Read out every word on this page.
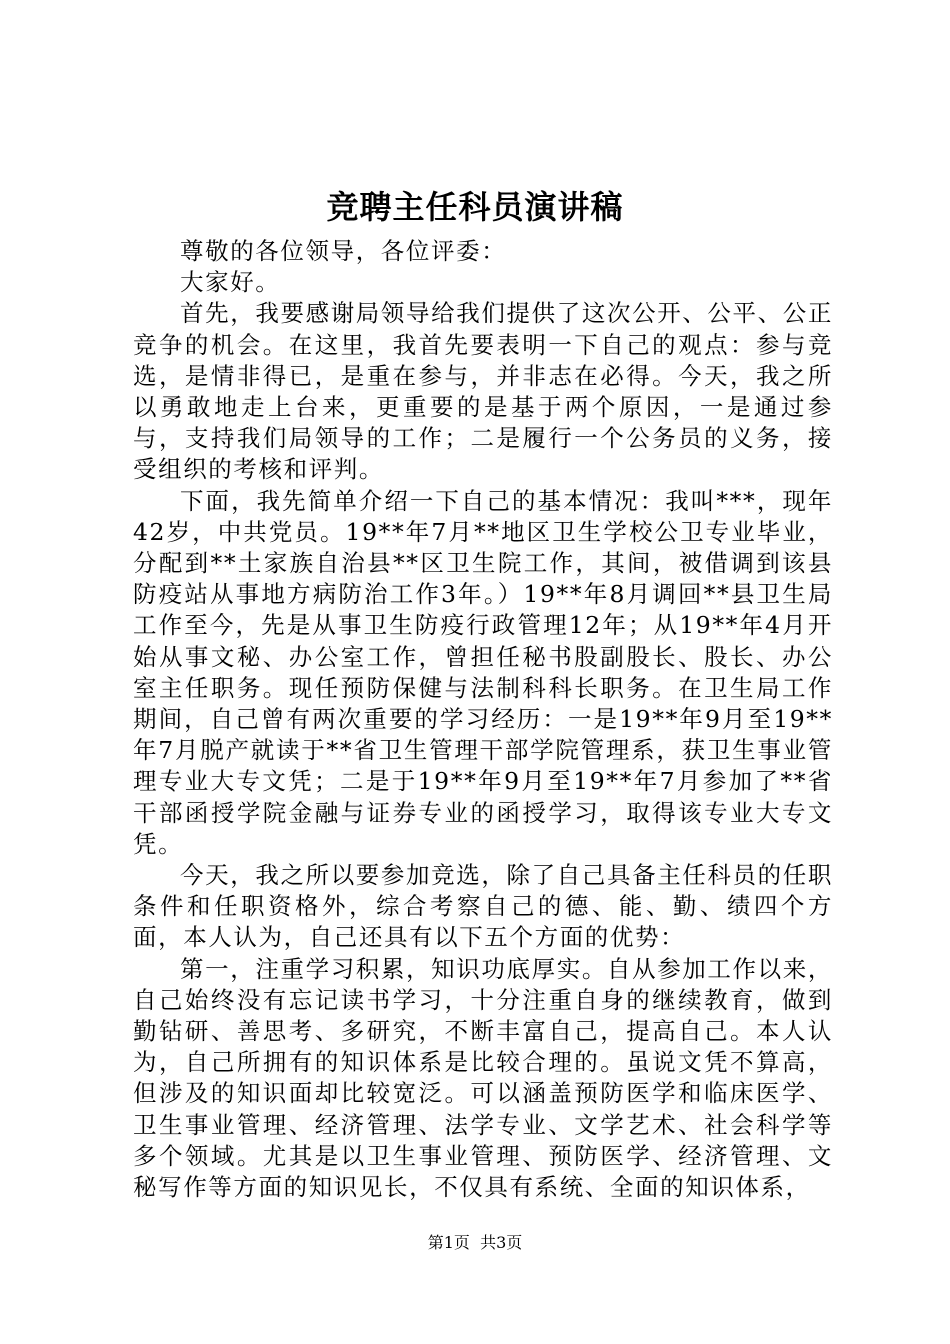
竞聘主任科员演讲稿

尊敬的各位领导，各位评委：

大家好。

首先，我要感谢局领导给我们提供了这次公开、公平、公正竞争的机会。在这里，我首先要表明一下自己的观点：参与竞选，是情非得已，是重在参与，并非志在必得。今天，我之所以勇敢地走上台来，更重要的是基于两个原因，一是通过参与，支持我们局领导的工作；二是履行一个公务员的义务，接受组织的考核和评判。

下面，我先简单介绍一下自己的基本情况：我叫***，现年42岁，中共党员。19**年7月**地区卫生学校公卫专业毕业，分配到**土家族自治县**区卫生院工作，其间，被借调到该县防疫站从事地方病防治工作3年。）19**年8月调回**县卫生局工作至今，先是从事卫生防疫行政管理12年；从19**年4月开始从事文秘、办公室工作，曾担任秘书股副股长、股长、办公室主任职务。现任预防保健与法制科科长职务。在卫生局工作期间，自己曾有两次重要的学习经历：一是19**年9月至19**年7月脱产就读于**省卫生管理干部学院管理系，获卫生事业管理专业大专文凭；二是于19**年9月至19**年7月参加了**省干部函授学院金融与证券专业的函授学习，取得该专业大专文凭。

今天，我之所以要参加竞选，除了自己具备主任科员的任职条件和任职资格外，综合考察自己的德、能、勤、绩四个方面，本人认为，自己还具有以下五个方面的优势：

第一，注重学习积累，知识功底厚实。自从参加工作以来，自己始终没有忘记读书学习，十分注重自身的继续教育，做到勤钻研、善思考、多研究，不断丰富自己，提高自己。本人认为，自己所拥有的知识体系是比较合理的。虽说文凭不算高，但涉及的知识面却比较宽泛。可以涵盖预防医学和临床医学、卫生事业管理、经济管理、法学专业、文学艺术、社会科学等多个领域。尤其是以卫生事业管理、预防医学、经济管理、文秘写作等方面的知识见长，不仅具有系统、全面的知识体系，

第1页  共3页
